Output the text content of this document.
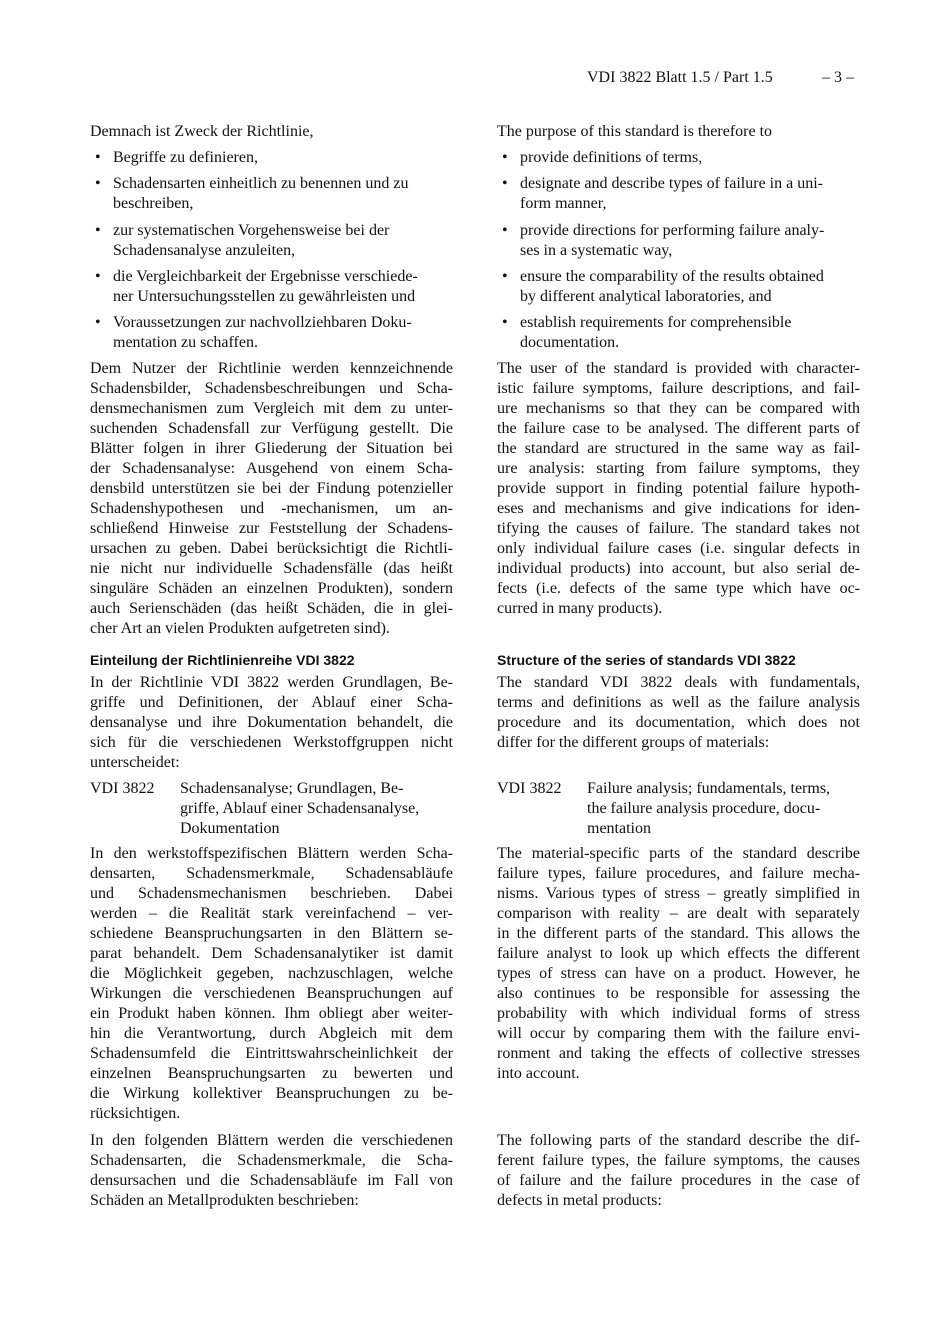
VDI 3822 Blatt 1.5 / Part 1.5	– 3 –
Demnach ist Zweck der Richtlinie,
• Begriffe zu definieren,
• Schadensarten einheitlich zu benennen und zu
beschreiben,
• zur systematischen Vorgehensweise bei der
Schadensanalyse anzuleiten,
• die Vergleichbarkeit der Ergebnisse verschiede-
ner Untersuchungsstellen zu gewährleisten und
• Voraussetzungen zur nachvollziehbaren Doku-
mentation zu schaffen.
Dem Nutzer der Richtlinie werden kennzeichnende
Schadensbilder, Schadensbeschreibungen und Scha-
densmechanismen zum Vergleich mit dem zu unter-
suchenden Schadensfall zur Verfügung gestellt. Die
Blätter folgen in ihrer Gliederung der Situation bei
der Schadensanalyse: Ausgehend von einem Scha-
densbild unterstützen sie bei der Findung potenzieller
Schadenshypothesen und -mechanismen, um an-
schließend Hinweise zur Feststellung der Schadens-
ursachen zu geben. Dabei berücksichtigt die Richtli-
nie nicht nur individuelle Schadensfälle (das heißt
singuläre Schäden an einzelnen Produkten), sondern
auch Serienschäden (das heißt Schäden, die in glei-
cher Art an vielen Produkten aufgetreten sind).
In der Richtlinie VDI 3822 werden Grundlagen, Be-
griffe und Definitionen, der Ablauf einer Scha-
densanalyse und ihre Dokumentation behandelt, die
sich für die verschiedenen Werkstoffgruppen nicht
unterscheidet:
In den werkstoffspezifischen Blättern werden Scha-
densarten, Schadensmerkmale, Schadensabläufe
und Schadensmechanismen beschrieben. Dabei
werden – die Realität stark vereinfachend – ver-
schiedene Beanspruchungsarten in den Blättern se-
parat behandelt. Dem Schadensanalytiker ist damit
die Möglichkeit gegeben, nachzuschlagen, welche
Wirkungen die verschiedenen Beanspruchungen auf
ein Produkt haben können. Ihm obliegt aber weiter-
hin die Verantwortung, durch Abgleich mit dem
Schadensumfeld die Eintrittswahrscheinlichkeit der
einzelnen Beanspruchungsarten zu bewerten und
die Wirkung kollektiver Beanspruchungen zu be-
rücksichtigen.
In den folgenden Blättern werden die verschiedenen
Schadensarten, die Schadensmerkmale, die Scha-
densursachen und die Schadensabläufe im Fall von
Schäden an Metallprodukten beschrieben:
Einteilung der Richtlinienreihe VDI 3822
VDI 3822 Schadensanalyse; Grundlagen, Be-
griffe, Ablauf einer Schadensanalyse,
Dokumentation
The purpose of this standard is therefore to
• provide definitions of terms,
• designate and describe types of failure in a uni-
form manner,
• provide directions for performing failure analy-
ses in a systematic way,
• ensure the comparability of the results obtained
by different analytical laboratories, and
• establish requirements for comprehensible
documentation.
The user of the standard is provided with character-
istic failure symptoms, failure descriptions, and fail-
ure mechanisms so that they can be compared with
the failure case to be analysed. The different parts of
the standard are structured in the same way as fail-
ure analysis: starting from failure symptoms, they
provide support in finding potential failure hypoth-
eses and mechanisms and give indications for iden-
tifying the causes of failure. The standard takes not
only individual failure cases (i.e. singular defects in
individual products) into account, but also serial de-
fects (i.e. defects of the same type which have oc-
curred in many products).
The standard VDI 3822 deals with fundamentals,
terms and definitions as well as the failure analysis
procedure and its documentation, which does not
differ for the different groups of materials:
The material-specific parts of the standard describe
failure types, failure procedures, and failure mecha-
nisms. Various types of stress – greatly simplified in
comparison with reality – are dealt with separately
in the different parts of the standard. This allows the
failure analyst to look up which effects the different
types of stress can have on a product. However, he
also continues to be responsible for assessing the
probability with which individual forms of stress
will occur by comparing them with the failure envi-
ronment and taking the effects of collective stresses
into account.
The following parts of the standard describe the dif-
ferent failure types, the failure symptoms, the causes
of failure and the failure procedures in the case of
defects in metal products:
Structure of the series of standards VDI 3822
VDI 3822 Failure analysis; fundamentals, terms,
the failure analysis procedure, docu-
mentation
